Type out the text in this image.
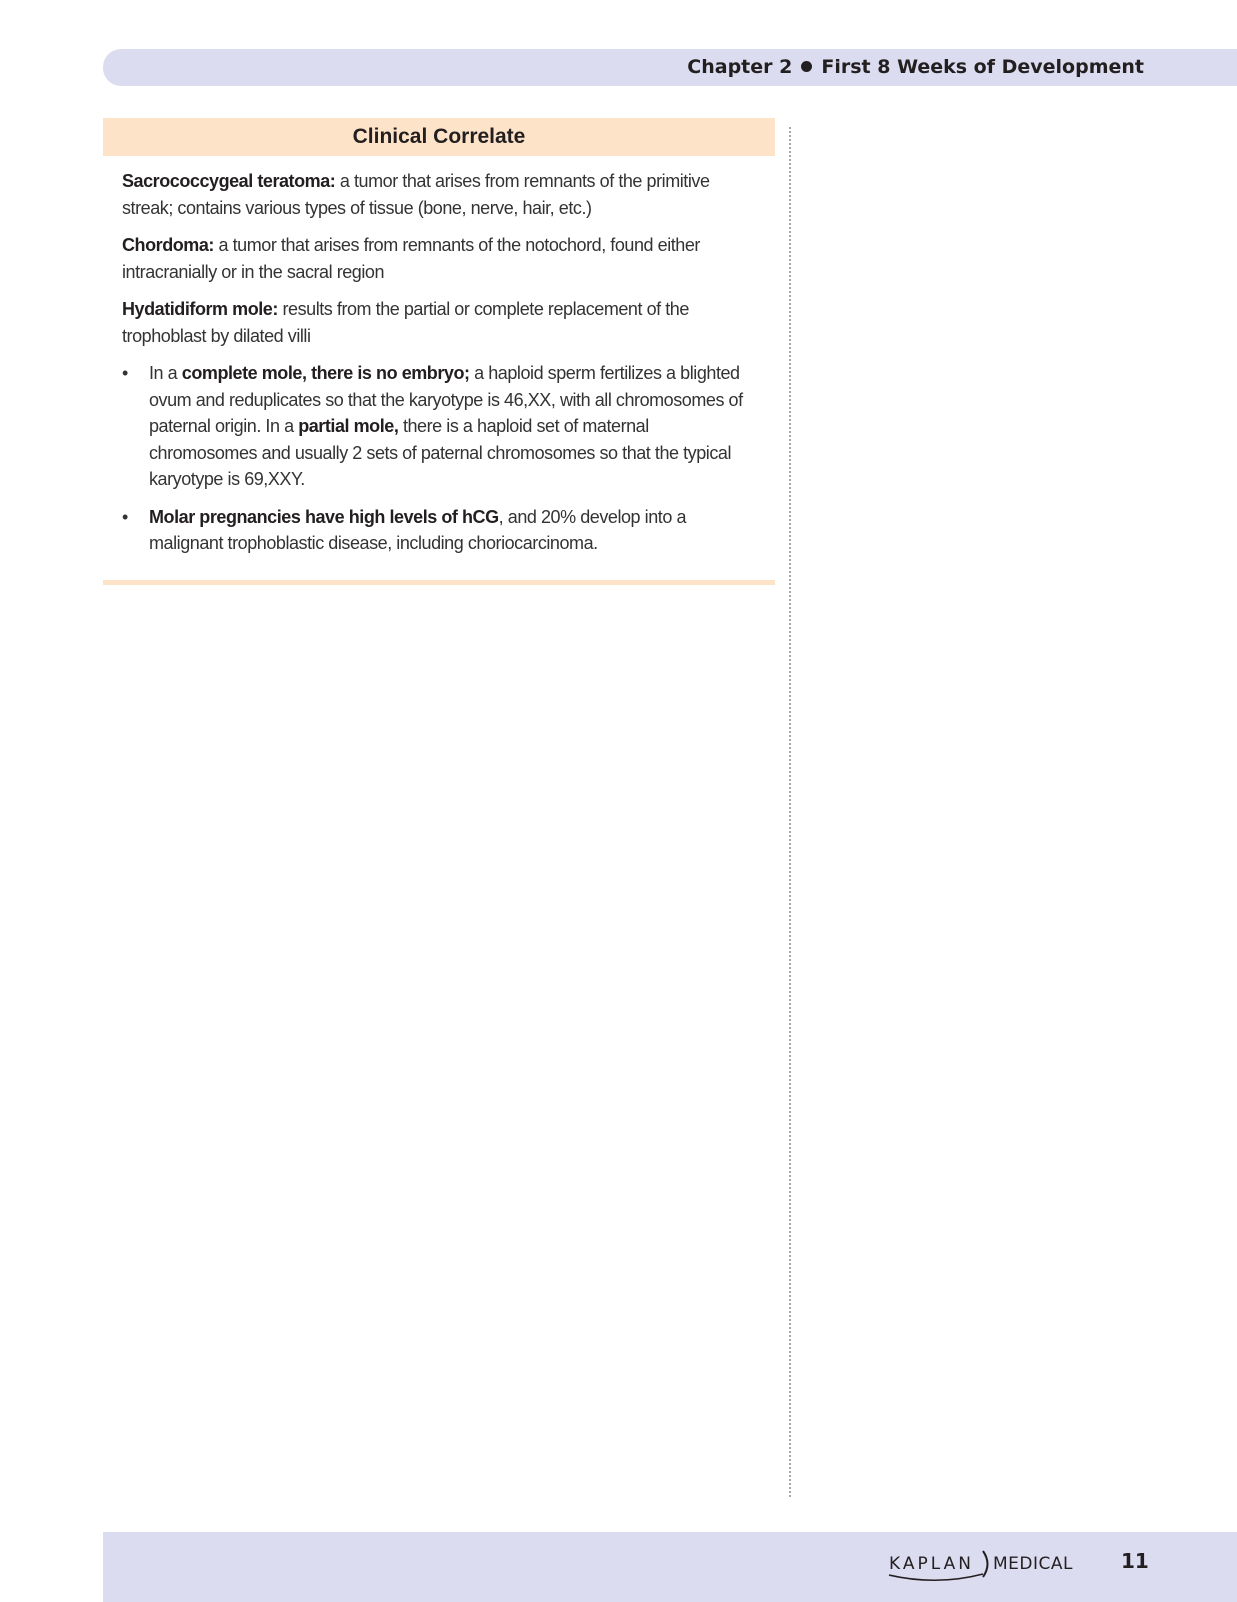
Chapter 2 First 8 Weeks of Development
Clinical Correlate

Sacrococcygeal teratoma: a tumor that arises from remnants of the primitive streak; contains various types of tissue (bone, nerve, hair, etc.)

Chordoma: a tumor that arises from remnants of the notochord, found either intracranially or in the sacral region

Hydatidiform mole: results from the partial or complete replacement of the trophoblast by dilated villi

• In a complete mole, there is no embryo; a haploid sperm fertilizes a blighted ovum and reduplicates so that the karyotype is 46,XX, with all chromosomes of paternal origin. In a partial mole, there is a haploid set of maternal chromosomes and usually 2 sets of paternal chromosomes so that the typical karyotype is 69,XXY.
• Molar pregnancies have high levels of hCG, and 20% develop into a malignant trophoblastic disease, including choriocarcinoma.
KAPLAN MEDICAL 11
